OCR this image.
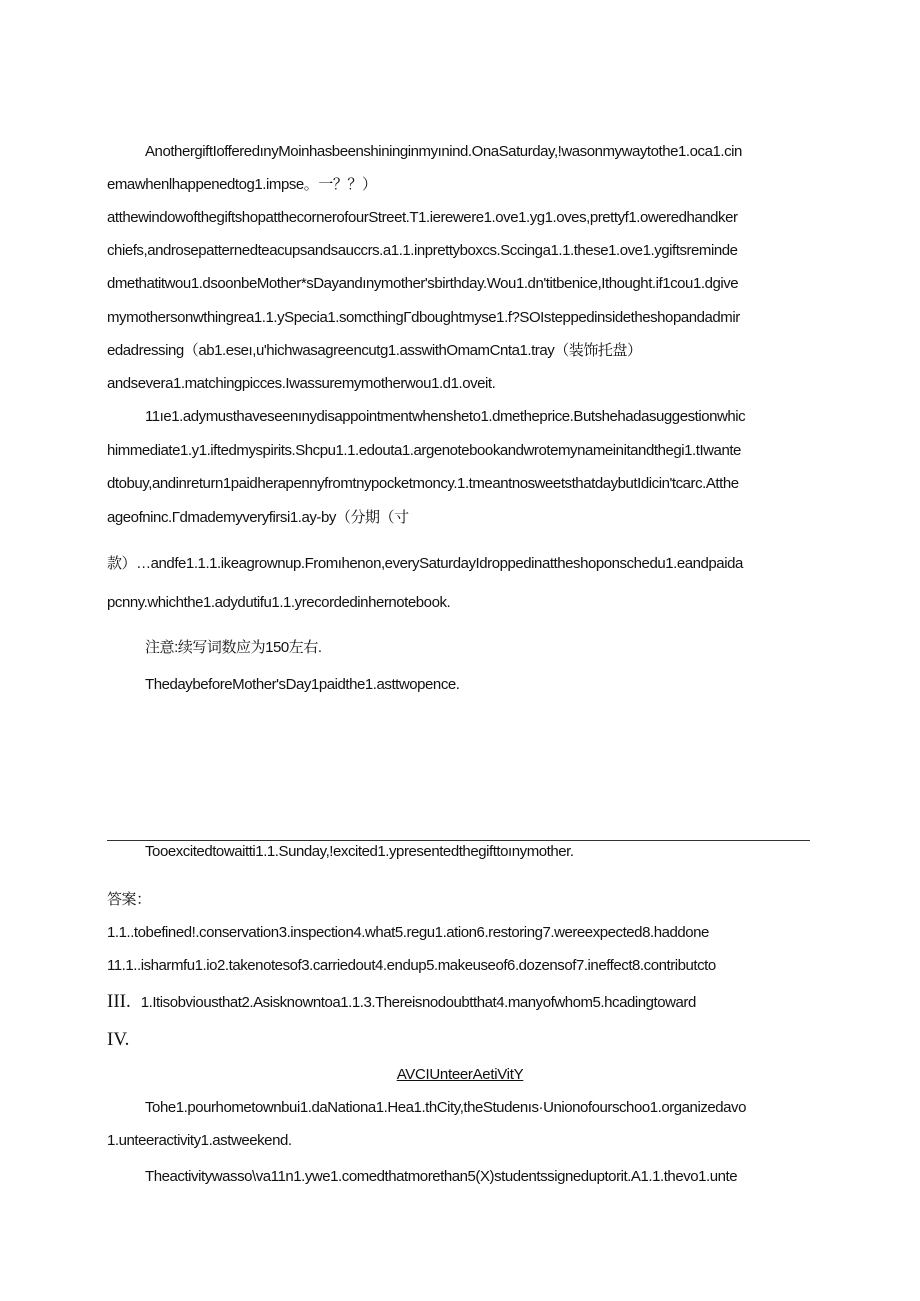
AnothergiftIofferedınyMoinhasbeenshininginmyınind.OnaSaturday,!wasonmywaytothe1.oca1.cin
emawhenlhappenedtog1.impse。一？？）
atthewindowofthegiftshopatthecornerofourStreet.T1.ierewere1.ove1.yg1.oves,prettyf1.oweredhandker
chiefs,androsepatternedteacupsandsauccrs.a1.1.inprettyboxcs.Sccinga1.1.these1.ove1.ygiftsreminde
dmethatitwou1.dsoonbeMother*sDayandınymother'sbirthday.Wou1.dn'titbenice,Ithought.if1cou1.dgive
mymothersonwthingrea1.1.ySpecia1.somcthingΓdboughtmyse1.f?SOIsteppedinsidetheshopandadmir
edadressing（ab1.eseı,u'hichwasagreencutg1.asswithOmamCnta1.tray（装饰托盘）
andsevera1.matchingpicces.Iwassuremymotherwou1.d1.oveit.
11ıe1.adymusthaveseenınydisappointmentwhenshetо1.dmetheprice.Butshehadasuggestionwhic
himmediate1.y1.iftedmyspirits.Shcpu1.1.edouta1.argenotebookandwrotemynameinitandthegi1.tIwante
dtobuy,andinreturn1paidherapennyfromtnypocketmoncy.1.tmeantnosweetsthatdaybutIdicin'tcarc.Atthe
ageofninc.Γdmademyveryfirsi1.ay-by（分期（寸
款）…andfe1.1.1.ikeagrownup.Fromıhenon,everySaturdayIdroppedinattheshoponschedu1.eandpaida
pcnny.whichthe1.adydutifu1.1.yrecordedinhernotebook.
注意:续写词数应为150左右.
ThedaybeforeMother'sDay1paidthe1.asttwopence.
Tooexcitedtowaitti1.1.Sunday,!excited1.ypresentedthegifttoınymother.
答案：
1.1..tobefined!.conservation3.inspection4.what5.regu1.ation6.restoring7.wereexpected8.haddone
11.1..isharmfu1.io2.takenotesof3.carriedout4.endup5.makeuseof6.dozensof7.ineffect8.contributcto
III. 1.Itisobviousthat2.Asisknowntoa1.1.3.Thereisnodoubtthat4.manyofwhom5.hcadingtoward
IV.
AVCIUnteerAetiVitY
Tohe1.pourhometownbui1.daNationa1.Hea1.thCity,theStudenıs·Unionofourschoo1.organizedavo
1.unteeractivity1.astweekend.
Theactivitywasso\va11n1.ywe1.comedthatmorethan5(X)studentssigneduptorit.A1.1.thevo1.unte
